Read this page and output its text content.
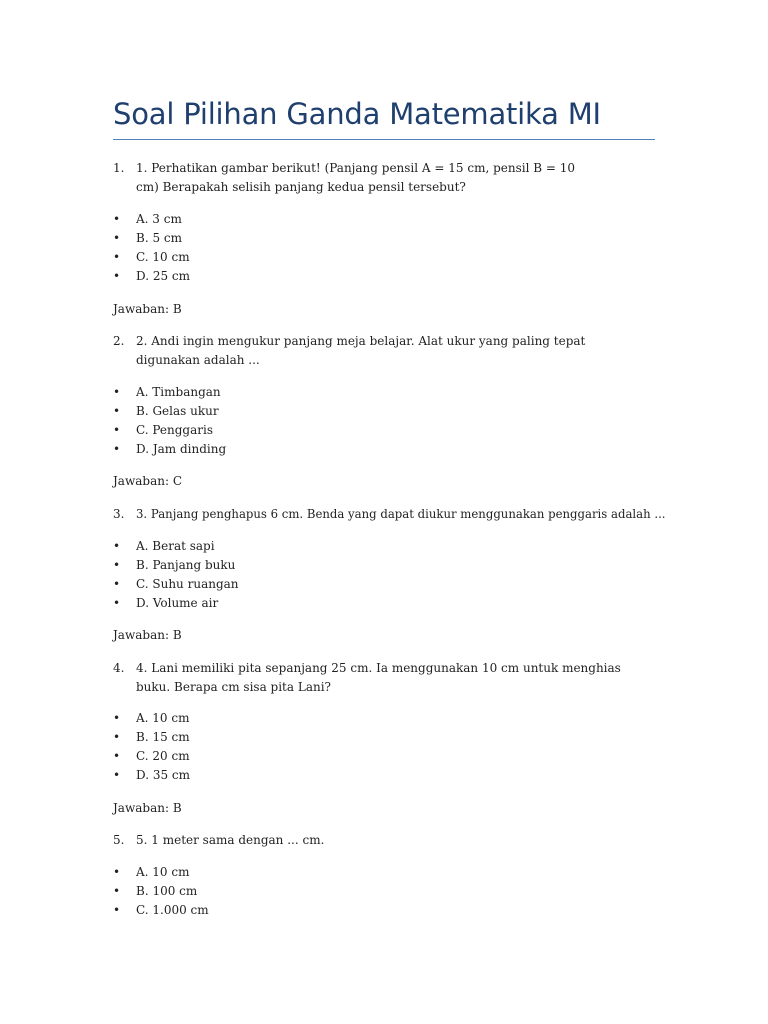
Soal Pilihan Ganda Matematika MI
1. 1. Perhatikan gambar berikut! (Panjang pensil A = 15 cm, pensil B = 10 cm) Berapakah selisih panjang kedua pensil tersebut?

• A. 3 cm
• B. 5 cm
• C. 10 cm
• D. 25 cm
Jawaban: B
2. 2. Andi ingin mengukur panjang meja belajar. Alat ukur yang paling tepat digunakan adalah ...

• A. Timbangan
• B. Gelas ukur
• C. Penggaris
• D. Jam dinding
Jawaban: C
3. 3. Panjang penghapus 6 cm. Benda yang dapat diukur menggunakan penggaris adalah ...

• A. Berat sapi
• B. Panjang buku
• C. Suhu ruangan
• D. Volume air
Jawaban: B
4. 4. Lani memiliki pita sepanjang 25 cm. Ia menggunakan 10 cm untuk menghias buku. Berapa cm sisa pita Lani?

• A. 10 cm
• B. 15 cm
• C. 20 cm
• D. 35 cm
Jawaban: B
5. 5. 1 meter sama dengan ... cm.

• A. 10 cm
• B. 100 cm
• C. 1.000 cm
